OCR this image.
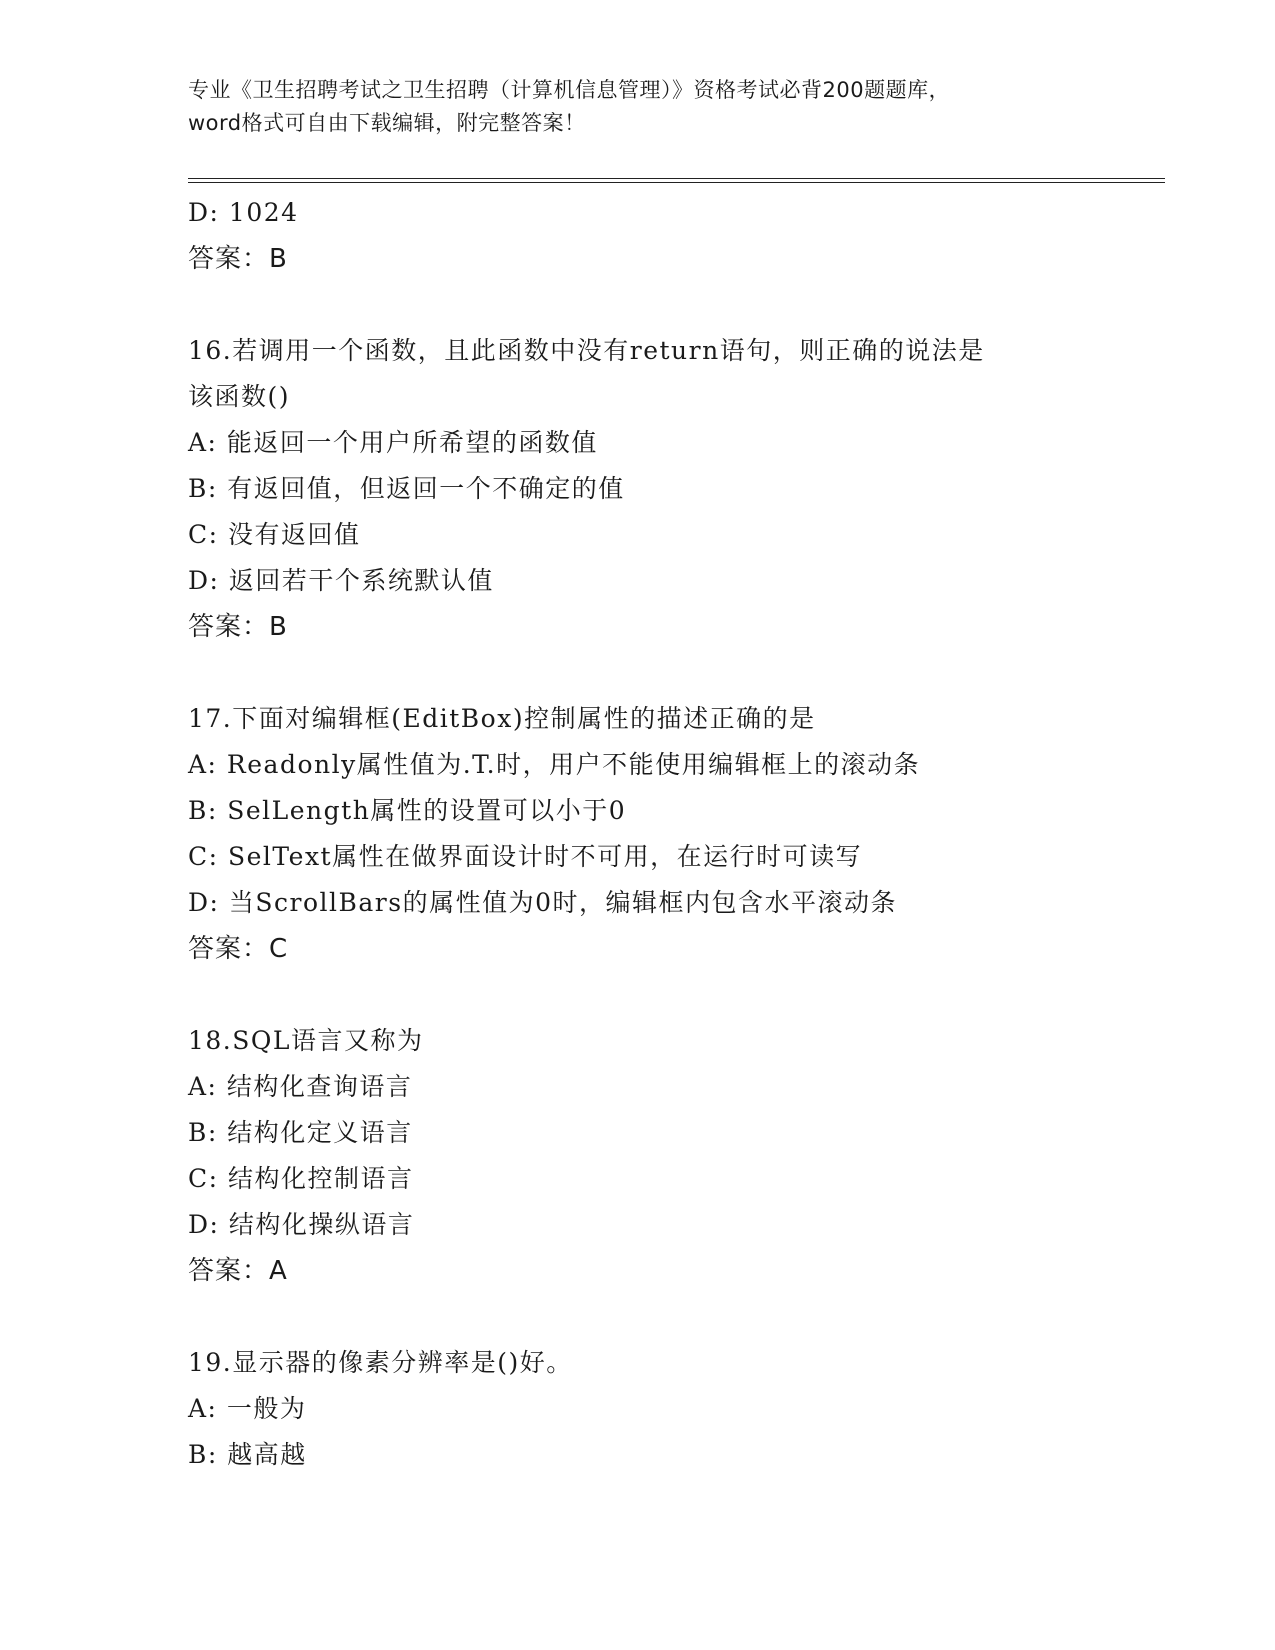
专业《卫生招聘考试之卫生招聘（计算机信息管理）》资格考试必背200题题库，
word格式可自由下载编辑，附完整答案！
D: 1024
答案：B
16.若调用一个函数，且此函数中没有return语句，则正确的说法是
该函数()
A: 能返回一个用户所希望的函数值
B: 有返回值，但返回一个不确定的值
C: 没有返回值
D: 返回若干个系统默认值
答案：B
17.下面对编辑框(EditBox)控制属性的描述正确的是
A: Readonly属性值为.T.时，用户不能使用编辑框上的滚动条
B: SelLength属性的设置可以小于0
C: SelText属性在做界面设计时不可用，在运行时可读写
D: 当ScrollBars的属性值为0时，编辑框内包含水平滚动条
答案：C
18.SQL语言又称为
A: 结构化查询语言
B: 结构化定义语言
C: 结构化控制语言
D: 结构化操纵语言
答案：A
19.显示器的像素分辨率是()好。
A: 一般为
B: 越高越
